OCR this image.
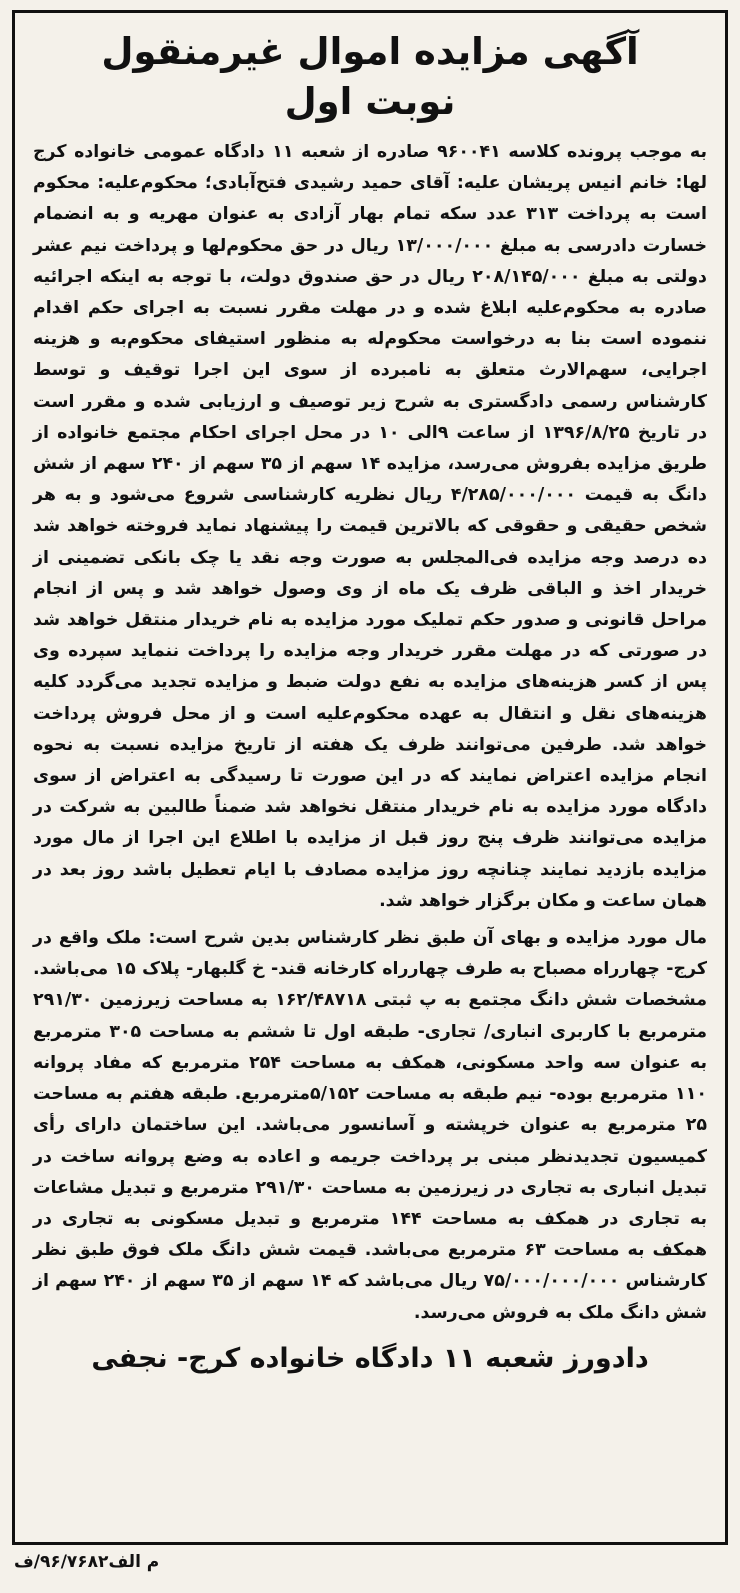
آگهی مزایده اموال غیرمنقول
نوبت اول

به موجب پرونده کلاسه ۹۶۰۰۴۱ صادره از شعبه ۱۱ دادگاه عمومی خانواده کرج لها: خانم انیس پریشان علیه: آقای حمید رشیدی فتح‌آبادی؛ محکوم‌علیه: محکوم است به پرداخت ۳۱۳ عدد سکه تمام بهار آزادی به عنوان مهریه و به انضمام خسارت دادرسی به مبلغ ۱۳/۰۰۰/۰۰۰ ریال در حق محکوم‌لها و پرداخت نیم عشر دولتی به مبلغ ۲۰۸/۱۴۵/۰۰۰ ریال در حق صندوق دولت، با توجه به اینکه اجرائیه صادره به محکوم‌علیه ابلاغ شده و در مهلت مقرر نسبت به اجرای حکم اقدام ننموده است بنا به درخواست محکوم‌له به منظور استیفای محکوم‌به و هزینه اجرایی، سهم‌الارث متعلق به نامبرده از سوی این اجرا توقیف و توسط کارشناس رسمی دادگستری به شرح زیر توصیف و ارزیابی شده و مقرر است در تاریخ ۱۳۹۶/۸/۲۵ از ساعت ۹الی ۱۰ در محل اجرای احکام مجتمع خانواده از طریق مزایده بفروش می‌رسد، مزایده ۱۴ سهم از ۳۵ سهم از ۲۴۰ سهم از شش دانگ به قیمت ۴/۲۸۵/۰۰۰/۰۰۰ ریال نظریه کارشناسی شروع می‌شود و به هر شخص حقیقی و حقوقی که بالاترین قیمت را پیشنهاد نماید فروخته خواهد شد ده درصد وجه مزایده فی‌المجلس به صورت وجه نقد یا چک بانکی تضمینی از خریدار اخذ و الباقی ظرف یک ماه از وی وصول خواهد شد و پس از انجام مراحل قانونی و صدور حکم تملیک مورد مزایده به نام خریدار منتقل خواهد شد در صورتی که در مهلت مقرر خریدار وجه مزایده را پرداخت ننماید سپرده وی پس از کسر هزینه‌های مزایده به نفع دولت ضبط و مزایده تجدید می‌گردد کلیه هزینه‌های نقل و انتقال به عهده محکوم‌علیه است و از محل فروش پرداخت خواهد شد. طرفین می‌توانند ظرف یک هفته از تاریخ مزایده نسبت به نحوه انجام مزایده اعتراض نمایند که در این صورت تا رسیدگی به اعتراض از سوی دادگاه مورد مزایده به نام خریدار منتقل نخواهد شد ضمناً طالبین به شرکت در مزایده می‌توانند ظرف پنج روز قبل از مزایده با اطلاع این اجرا از مال مورد مزایده بازدید نمایند چنانچه روز مزایده مصادف با ایام تعطیل باشد روز بعد در همان ساعت و مکان برگزار خواهد شد.

مال مورد مزایده و بهای آن طبق نظر کارشناس بدین شرح است: ملک واقع در کرج- چهارراه مصباح به طرف چهارراه کارخانه قند- خ گلبهار- پلاک ۱۵ می‌باشد. مشخصات شش دانگ مجتمع به پ ثبتی ۱۶۲/۴۸۷۱۸ به مساحت زیرزمین ۲۹۱/۳۰ مترمربع با کاربری انباری/ تجاری- طبقه اول تا ششم به مساحت ۳۰۵ مترمربع به عنوان سه واحد مسکونی، همکف به مساحت ۲۵۴ مترمربع که مفاد پروانه ۱۱۰ مترمربع بوده- نیم طبقه به مساحت ۵/۱۵۲مترمربع. طبقه هفتم به مساحت ۲۵ مترمربع به عنوان خرپشته و آسانسور می‌باشد. این ساختمان دارای رأی کمیسیون تجدیدنظر مبنی بر پرداخت جریمه و اعاده به وضع پروانه ساخت در تبدیل انباری به تجاری در زیرزمین به مساحت ۲۹۱/۳۰ مترمربع و تبدیل مشاعات به تجاری در همکف به مساحت ۱۴۴ مترمربع و تبدیل مسکونی به تجاری در همکف به مساحت ۶۳ مترمربع می‌باشد. قیمت شش دانگ ملک فوق طبق نظر کارشناس ۷۵/۰۰۰/۰۰۰/۰۰۰ ریال می‌باشد که ۱۴ سهم از ۳۵ سهم از ۲۴۰ سهم از شش دانگ ملک به فروش می‌رسد.

دادورز شعبه ۱۱ دادگاه خانواده کرج- نجفی
م الف۹۶/۷۶۸۲/ف
